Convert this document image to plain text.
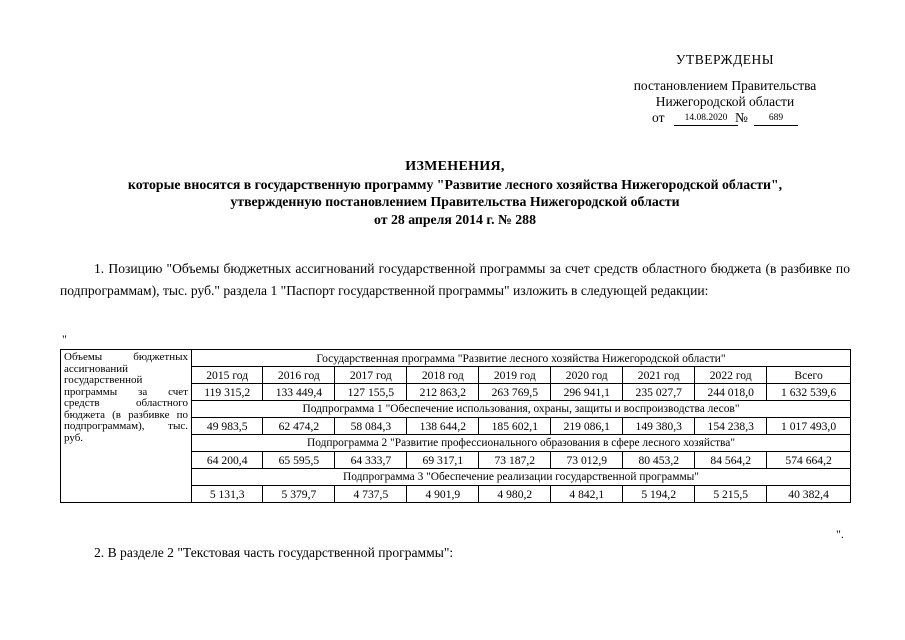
УТВЕРЖДЕНЫ
постановлением Правительства
Нижегородской области
от	14.08.2020 №	689
ИЗМЕНЕНИЯ,
которые вносятся в государственную программу "Развитие лесного хозяйства Нижегородской области",
утвержденную постановлением Правительства Нижегородской области
от 28 апреля 2014 г. № 288
1. Позицию "Объемы бюджетных ассигнований государственной программы за счет средств областного бюджета (в разбивке по подпрограммам), тыс. руб." раздела 1 "Паспорт государственной программы" изложить в следующей редакции:
"
Объемы бюджетных ассигнований государственной программы за счет средств областного бюджета (в разбивке по подпрограммам), тыс. руб.	Государственная программа "Развитие лесного хозяйства Нижегородской области"								
	2015 год	2016 год	2017 год	2018 год	2019 год	2020 год	2021 год	2022 год	Всего
	119 315,2	133 449,4	127 155,5	212 863,2	263 769,5	296 941,1	235 027,7	244 018,0	1 632 539,6
	Подпрограмма 1 "Обеспечение использования, охраны, защиты и воспроизводства лесов"								
	49 983,5	62 474,2	58 084,3	138 644,2	185 602,1	219 086,1	149 380,3	154 238,3	1 017 493,0
	Подпрограмма 2 "Развитие профессионального образования в сфере лесного хозяйства"								
	64 200,4	65 595,5	64 333,7	69 317,1	73 187,2	73 012,9	80 453,2	84 564,2	574 664,2
	Подпрограмма 3 "Обеспечение реализации государственной программы"								
	5 131,3	5 379,7	4 737,5	4 901,9	4 980,2	4 842,1	5 194,2	5 215,5	40 382,4
".
2. В разделе 2 "Текстовая часть государственной программы":
